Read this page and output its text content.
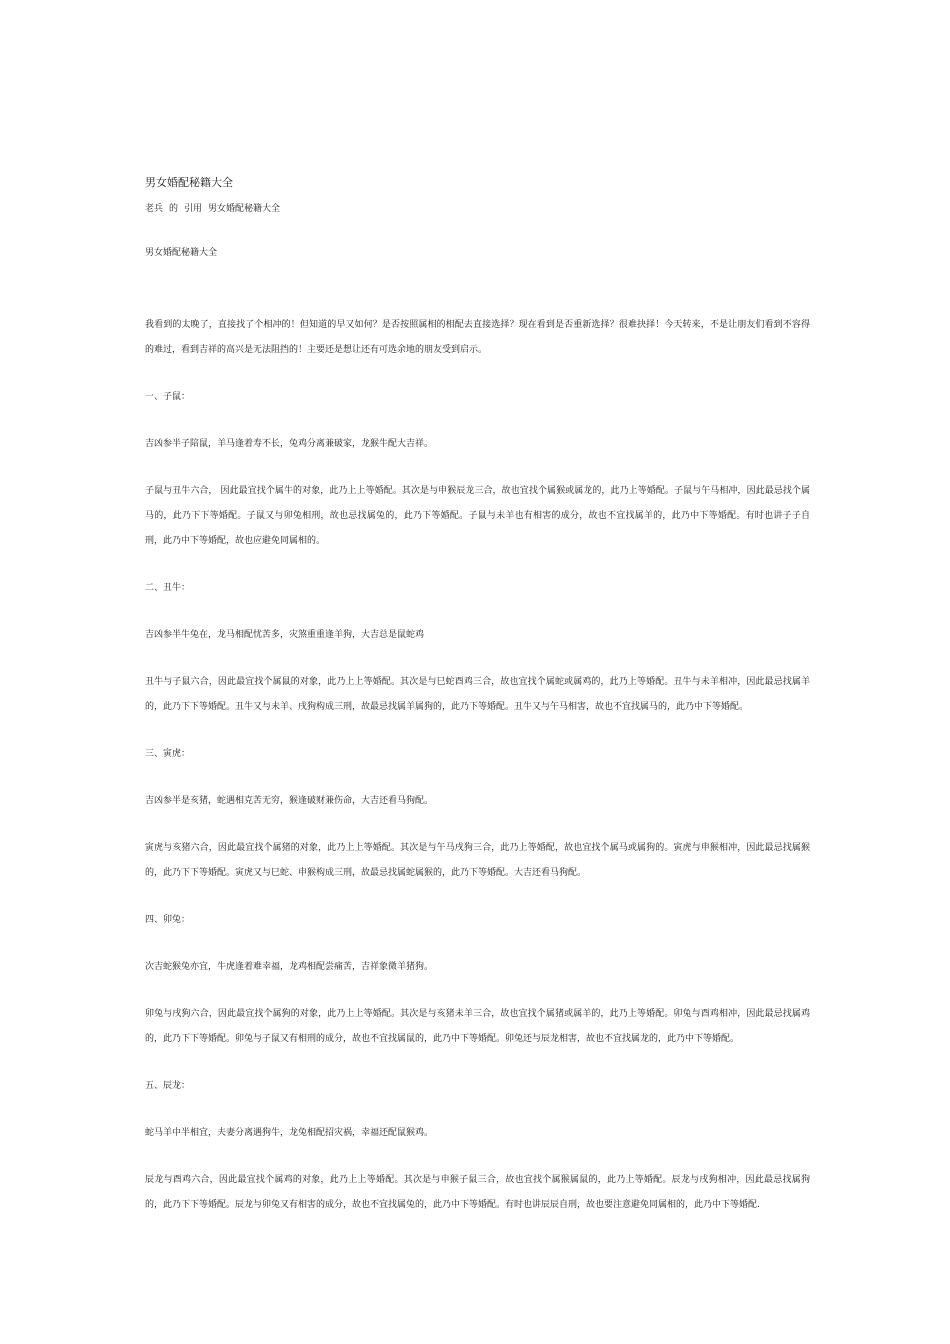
男女婚配秘籍大全
老兵 的 引用 男女婚配秘籍大全
男女婚配秘籍大全

我看到的太晚了，直接找了个相冲的！但知道的早又如何？是否按照属相的相配去直接选择？现在看到是否重新选择？很难抉择！今天转来，不是让朋友们看到不容得的难过，看到吉祥的高兴是无法阻挡的！主要还是想让还有可选余地的朋友受到启示。

一、子鼠：

吉凶参半子陪鼠，羊马逢着寿不长，兔鸡分离兼破家，龙猴牛配大吉祥。

子鼠与丑牛六合， 因此最宜找个属牛的对象，此乃上上等婚配。其次是与申猴辰龙三合，故也宜找个属猴或属龙的，此乃上等婚配。子鼠与午马相冲，因此最忌找个属马的，此乃下下等婚配。子鼠又与卯兔相刑，故也忌找属兔的，此乃下等婚配。子鼠与未羊也有相害的成分，故也不宜找属羊的，此乃中下等婚配。有时也讲子子自刑，此乃中下等婚配，故也应避免同属相的。

二、丑牛：

吉凶参半牛兔在，龙马相配忧苦多，灾煞重重逢羊狗，大吉总是鼠蛇鸡

丑牛与子鼠六合，因此最宜找个属鼠的对象，此乃上上等婚配。其次是与巳蛇酉鸡三合，故也宜找个属蛇或属鸡的，此乃上等婚配。丑牛与未羊相冲，因此最忌找属羊的，此乃下下等婚配。丑牛又与未羊、戌狗构成三刑，故最忌找属羊属狗的，此乃下等婚配。丑牛又与午马相害，故也不宜找属马的，此乃中下等婚配。

三、寅虎：

吉凶参半是亥猪，蛇遇相克苦无穷，猴逢破财兼伤命，大吉还看马狗配。

寅虎与亥猪六合，因此最宜找个属猪的对象，此乃上上等婚配。其次是与午马戌狗三合，此乃上等婚配，故也宜找个属马或属狗的。寅虎与申猴相冲，因此最忌找属猴的，此乃下下等婚配。寅虎又与巳蛇、申猴构成三刑，故最忌找属蛇属猴的，此乃下等婚配。大吉还看马狗配。

四、卯兔：

次吉蛇猴兔亦宜，牛虎逢着难幸福，龙鸡相配尝痛苦，吉祥象微羊猪狗。

卯兔与戌狗六合，因此最宜找个属狗的对象，此乃上上等婚配。其次是与亥猪未羊三合，故也宜找个属猪或属羊的，此乃上等婚配。卯兔与酉鸡相冲，因此最忌找属鸡的，此乃下下等婚配。卯兔与子鼠又有相刑的成分，故也不宜找属鼠的，此乃中下等婚配。卯兔还与辰龙相害，故也不宜找属龙的，此乃中下等婚配。

五、辰龙：

蛇马羊中半相宜，夫妻分离遇狗牛，龙兔相配招灾祸，幸福还配鼠猴鸡。

辰龙与酉鸡六合，因此最宜找个属鸡的对象，此乃上上等婚配。其次是与申猴子鼠三合，故也宜找个属猴属鼠的，此乃上等婚配。辰龙与戌狗相冲，因此最忌找属狗的，此乃下下等婚配。辰龙与卯兔又有相害的成分，故也不宜找属兔的，此乃中下等婚配。有时也讲辰辰自刑，故也要注意避免同属相的，此乃中下等婚配.
